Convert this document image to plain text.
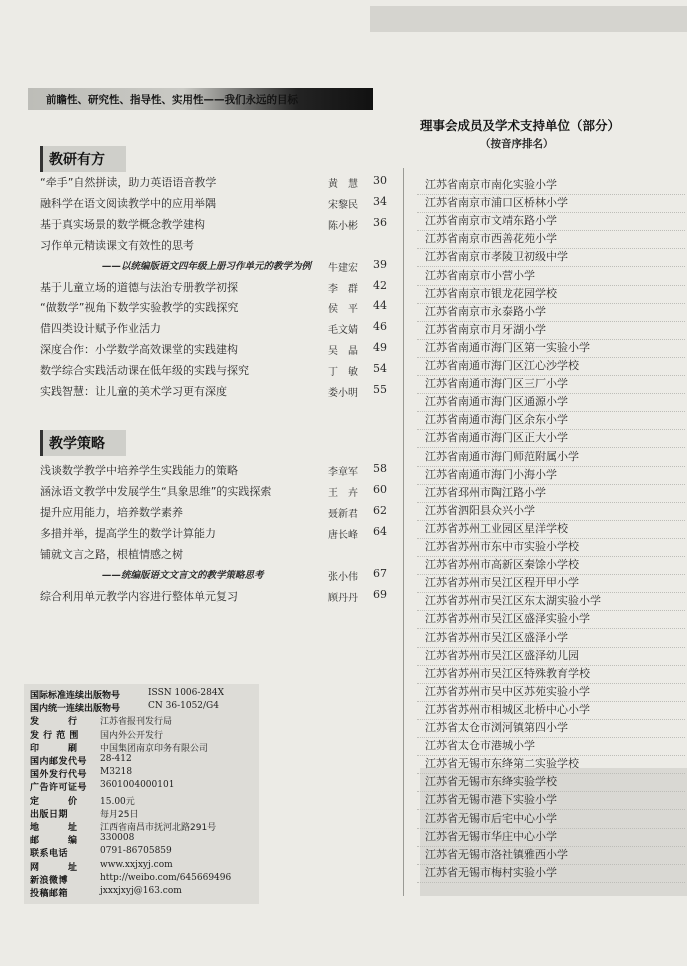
前瞻性、研究性、指导性、实用性——我们永远的目标
教研有方
“牵手”自然拼读，助力英语语音教学	黄　慧 30
融科学在语文阅读教学中的应用举隅	宋黎民 34
基于真实场景的数学概念教学建构	陈小彬 36
习作单元精读课文有效性的思考
——以统编版语文四年级上册习作单元的教学为例 牛建宏 39
基于儿童立场的道德与法治专册教学初探	李　群 42
“做数学”视角下数学实验教学的实践探究	侯　平 44
借四类设计赋予作业活力	毛文婧 46
深度合作：小学数学高效课堂的实践建构	吴　晶 49
数学综合实践活动课在低年级的实践与探究	丁　敏 54
实践智慧：让儿童的美术学习更有深度	娄小明 55
教学策略
浅谈数学教学中培养学生实践能力的策略	李章军 58
涵泳语文教学中发展学生“具象思维”的实践探索	王　卉 60
提升应用能力，培养数学素养	聂新君 62
多措并举，提高学生的数学计算能力	唐长峰 64
铺就文言之路，根植情感之树
——统编版语文文言文的教学策略思考	张小伟 67
综合利用单元教学内容进行整体单元复习	顾丹丹 69
理事会成员及学术支持单位（部分）
（按音序排名）
江苏省南京市南化实验小学
江苏省南京市浦口区桥林小学
江苏省南京市文靖东路小学
江苏省南京市西善花苑小学
江苏省南京市孝陵卫初级中学
江苏省南京市小营小学
江苏省南京市银龙花园学校
江苏省南京市永泰路小学
江苏省南京市月牙湖小学
江苏省南通市海门区第一实验小学
江苏省南通市海门区江心沙学校
江苏省南通市海门区三厂小学
江苏省南通市海门区通源小学
江苏省南通市海门区余东小学
江苏省南通市海门区正大小学
江苏省南通市海门师范附属小学
江苏省南通市海门小海小学
江苏省邳州市陶江路小学
江苏省泗阳县众兴小学
江苏省苏州工业园区星洋学校
江苏省苏州市东中市实验小学校
江苏省苏州市高新区秦馀小学校
江苏省苏州市吴江区程开甲小学
江苏省苏州市吴江区东太湖实验小学
江苏省苏州市吴江区盛泽实验小学
江苏省苏州市吴江区盛泽小学
江苏省苏州市吴江区盛泽幼儿园
江苏省苏州市吴江区特殊教育学校
江苏省苏州市吴中区苏苑实验小学
江苏省苏州市相城区北桥中心小学
江苏省太仓市浏河镇第四小学
江苏省太仓市港城小学
江苏省无锡市东绛第二实验学校
江苏省无锡市东绛实验学校
江苏省无锡市港下实验小学
江苏省无锡市后宅中心小学
江苏省无锡市华庄中心小学
江苏省无锡市洛社镇雅西小学
江苏省无锡市梅村实验小学
国际标准连续出版物号	ISSN 1006-284X
国内统一连续出版物号	CN 36-1052/G4
发　　　行	江苏省报刊发行局
发 行 范 围	国内外公开发行
印　　　刷	中国集团南京印务有限公司
国内邮发代号 28-412
国外发行代号 M3218
广告许可证号 3601004000101
定　　　价	15.00元
出版日期	每月25日
地　　　址	江西省南昌市抚河北路291号
邮　　　编	330008
联系电话	0791-86705859
网　　　址	www.xxjxyj.com
新浪微博	http://weibo.com/645669496
投稿邮箱	jxxxjxyj@163.com
